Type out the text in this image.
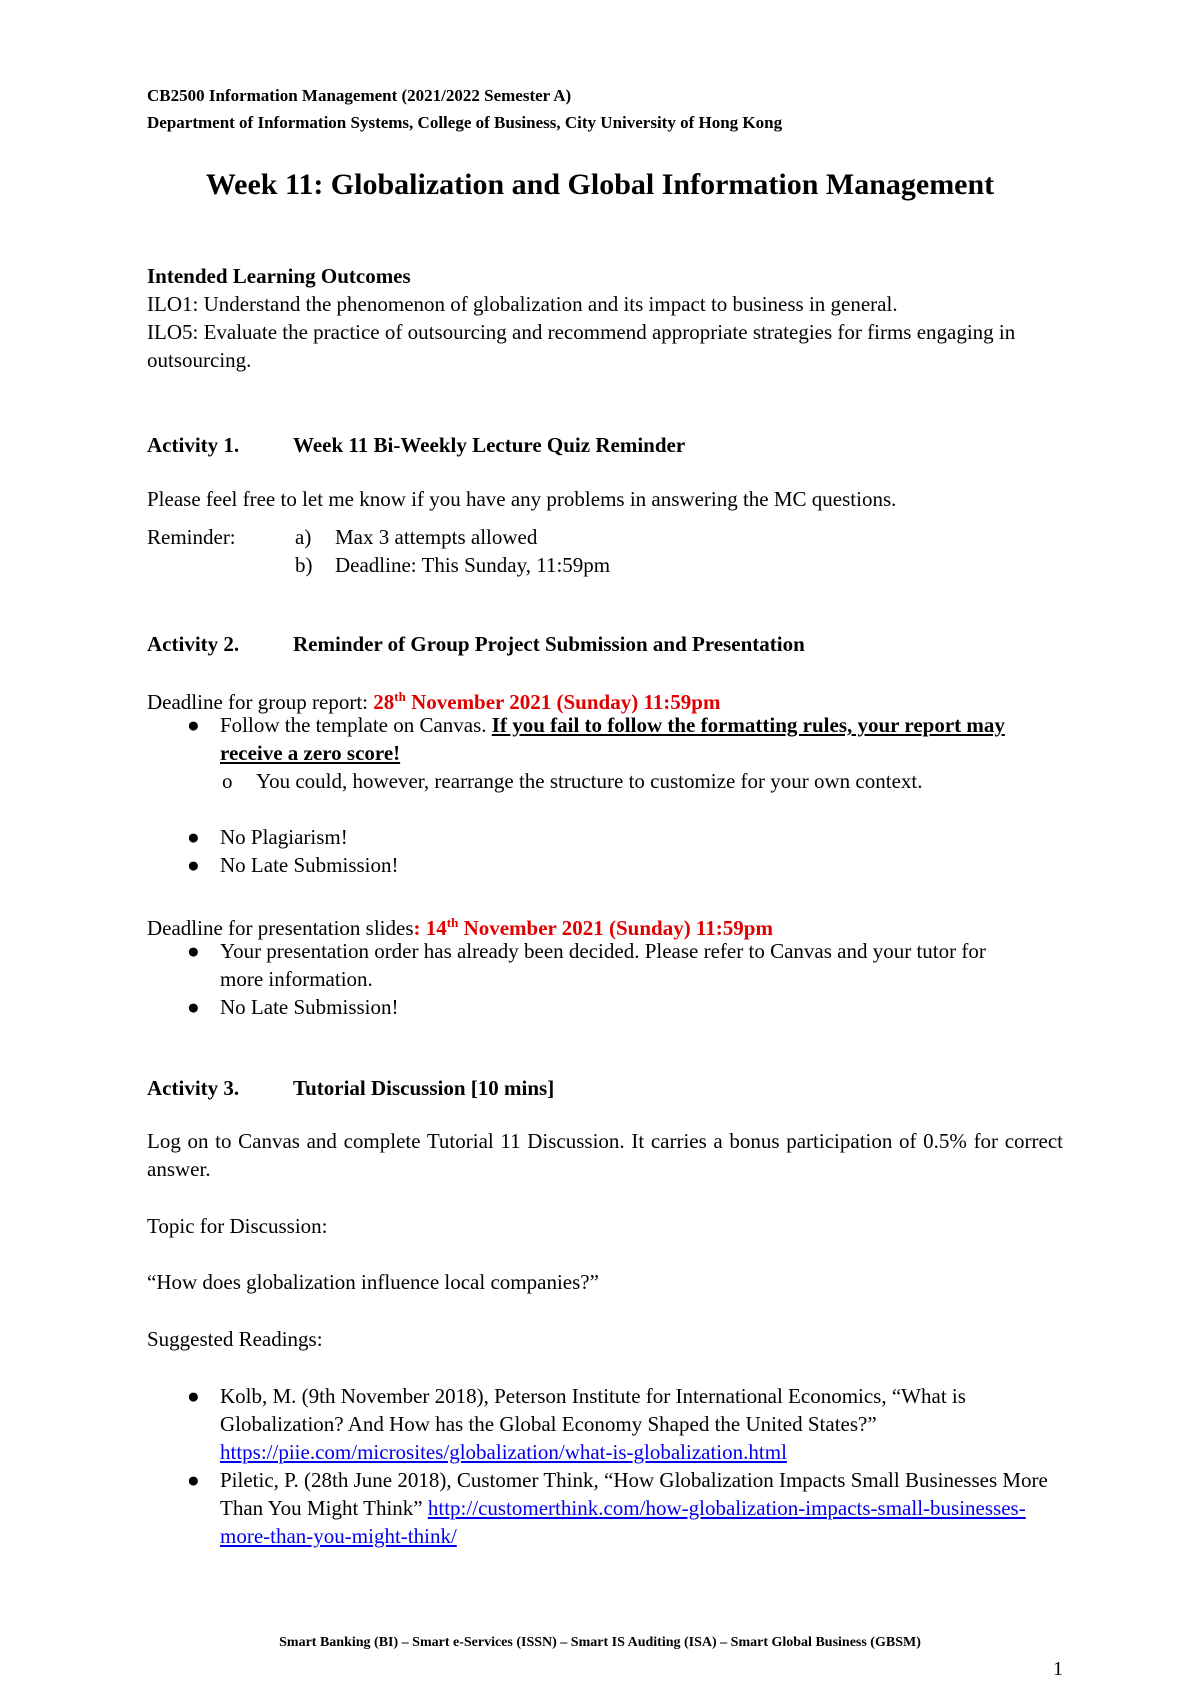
CB2500 Information Management (2021/2022 Semester A)
Department of Information Systems, College of Business, City University of Hong Kong
Week 11: Globalization and Global Information Management
Intended Learning Outcomes
ILO1: Understand the phenomenon of globalization and its impact to business in general.
ILO5: Evaluate the practice of outsourcing and recommend appropriate strategies for firms engaging in outsourcing.
Activity 1.	Week 11 Bi-Weekly Lecture Quiz Reminder
Please feel free to let me know if you have any problems in answering the MC questions.
Reminder:	a) Max 3 attempts allowed
b) Deadline: This Sunday, 11:59pm
Activity 2.	Reminder of Group Project Submission and Presentation
Deadline for group report: 28th November 2021 (Sunday) 11:59pm
● Follow the template on Canvas. If you fail to follow the formatting rules, your report may receive a zero score!
o You could, however, rearrange the structure to customize for your own context.
● No Plagiarism!
● No Late Submission!
Deadline for presentation slides: 14th November 2021 (Sunday) 11:59pm
● Your presentation order has already been decided. Please refer to Canvas and your tutor for more information.
● No Late Submission!
Activity 3.	Tutorial Discussion [10 mins]
Log on to Canvas and complete Tutorial 11 Discussion. It carries a bonus participation of 0.5% for correct answer.
Topic for Discussion:
“How does globalization influence local companies?”
Suggested Readings:
● Kolb, M. (9th November 2018), Peterson Institute for International Economics, “What is Globalization? And How has the Global Economy Shaped the United States?” https://piie.com/microsites/globalization/what-is-globalization.html
● Piletic, P. (28th June 2018), Customer Think, “How Globalization Impacts Small Businesses More Than You Might Think” http://customerthink.com/how-globalization-impacts-small-businesses-more-than-you-might-think/
Smart Banking (BI) – Smart e-Services (ISSN) – Smart IS Auditing (ISA) – Smart Global Business (GBSM)
1
